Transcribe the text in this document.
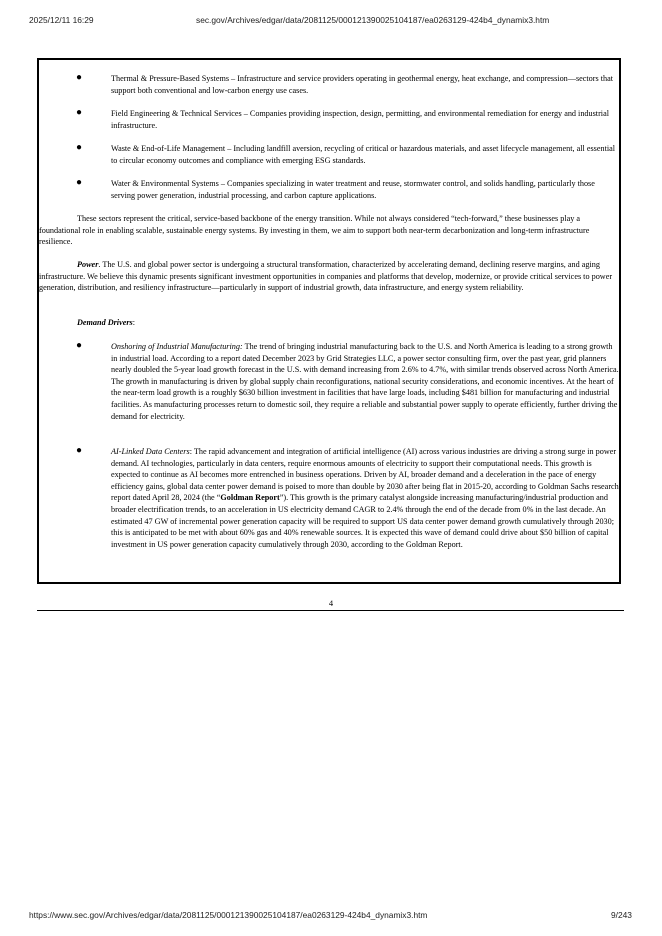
2025/12/11 16:29	sec.gov/Archives/edgar/data/2081125/000121390025104187/ea0263129-424b4_dynamix3.htm
●	Thermal & Pressure-Based Systems – Infrastructure and service providers operating in geothermal energy, heat exchange, and compression—sectors that support both conventional and low-carbon energy use cases.

●	Field Engineering & Technical Services – Companies providing inspection, design, permitting, and environmental remediation for energy and industrial infrastructure.

●	Waste & End-of-Life Management – Including landfill aversion, recycling of critical or hazardous materials, and asset lifecycle management, all essential to circular economy outcomes and compliance with emerging ESG standards.

●	Water & Environmental Systems – Companies specializing in water treatment and reuse, stormwater control, and solids handling, particularly those serving power generation, industrial processing, and carbon capture applications.

These sectors represent the critical, service-based backbone of the energy transition. While not always considered “tech-forward,” these businesses play a foundational role in enabling scalable, sustainable energy systems. By investing in them, we aim to support both near-term decarbonization and long-term infrastructure resilience.

Power. The U.S. and global power sector is undergoing a structural transformation, characterized by accelerating demand, declining reserve margins, and aging infrastructure. We believe this dynamic presents significant investment opportunities in companies and platforms that develop, modernize, or provide critical services to power generation, distribution, and resiliency infrastructure—particularly in support of industrial growth, data infrastructure, and energy system reliability.

Demand Drivers:

●	Onshoring of Industrial Manufacturing: The trend of bringing industrial manufacturing back to the U.S. and North America is leading to a strong growth in industrial load. According to a report dated December 2023 by Grid Strategies LLC, a power sector consulting firm, over the past year, grid planners nearly doubled the 5-year load growth forecast in the U.S. with demand increasing from 2.6% to 4.7%, with similar trends observed across North America. The growth in manufacturing is driven by global supply chain reconfigurations, national security considerations, and economic incentives. At the heart of the near-term load growth is a roughly $630 billion investment in facilities that have large loads, including $481 billion for manufacturing and industrial facilities. As manufacturing processes return to domestic soil, they require a reliable and substantial power supply to operate efficiently, further driving the demand for electricity.

●	AI-Linked Data Centers: The rapid advancement and integration of artificial intelligence (AI) across various industries are driving a strong surge in power demand. AI technologies, particularly in data centers, require enormous amounts of electricity to support their computational needs. This growth is expected to continue as AI becomes more entrenched in business operations. Driven by AI, broader demand and a deceleration in the pace of energy efficiency gains, global data center power demand is poised to more than double by 2030 after being flat in 2015-20, according to Goldman Sachs research report dated April 28, 2024 (the “Goldman Report”). This growth is the primary catalyst alongside increasing manufacturing/industrial production and broader electrification trends, to an acceleration in US electricity demand CAGR to 2.4% through the end of the decade from 0% in the last decade. An estimated 47 GW of incremental power generation capacity will be required to support US data center power demand growth cumulatively through 2030; this is anticipated to be met with about 60% gas and 40% renewable sources. It is expected this wave of demand could drive about $50 billion of capital investment in US power generation capacity cumulatively through 2030, according to the Goldman Report.

4
https://www.sec.gov/Archives/edgar/data/2081125/000121390025104187/ea0263129-424b4_dynamix3.htm	9/243
